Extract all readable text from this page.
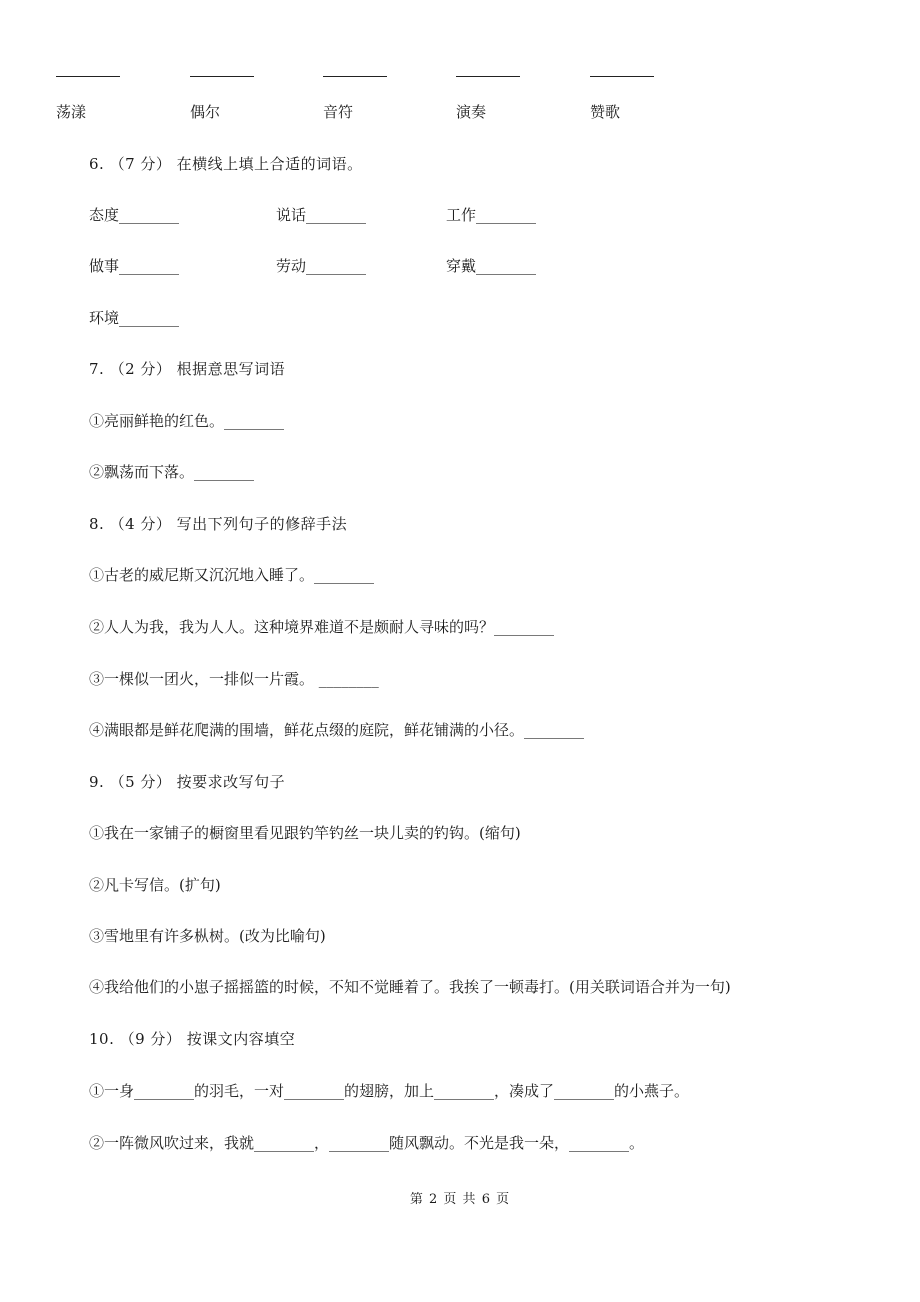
荡漾	偶尔	音符	演奏	赞歌
6. （7 分） 在横线上填上合适的词语。
态度________	说话________	工作________
做事________	劳动________	穿戴________
环境________
7. （2 分） 根据意思写词语
①亮丽鲜艳的红色。________
②飘荡而下落。________
8. （4 分） 写出下列句子的修辞手法
①古老的威尼斯又沉沉地入睡了。________
②人人为我，我为人人。这种境界难道不是颇耐人寻味的吗？________
③一棵似一团火，一排似一片霞。 ________
④满眼都是鲜花爬满的围墙，鲜花点缀的庭院，鲜花铺满的小径。________
9. （5 分） 按要求改写句子
①我在一家铺子的橱窗里看见跟钓竿钓丝一块儿卖的钓钩。(缩句)
②凡卡写信。(扩句)
③雪地里有许多枞树。(改为比喻句)
④我给他们的小崽子摇摇篮的时候，不知不觉睡着了。我挨了一顿毒打。(用关联词语合并为一句)
10. （9 分） 按课文内容填空
①一身________的羽毛，一对________的翅膀，加上________，凑成了________的小燕子。
②一阵微风吹过来，我就________，________随风飘动。不光是我一朵，________。
第 2 页 共 6 页
